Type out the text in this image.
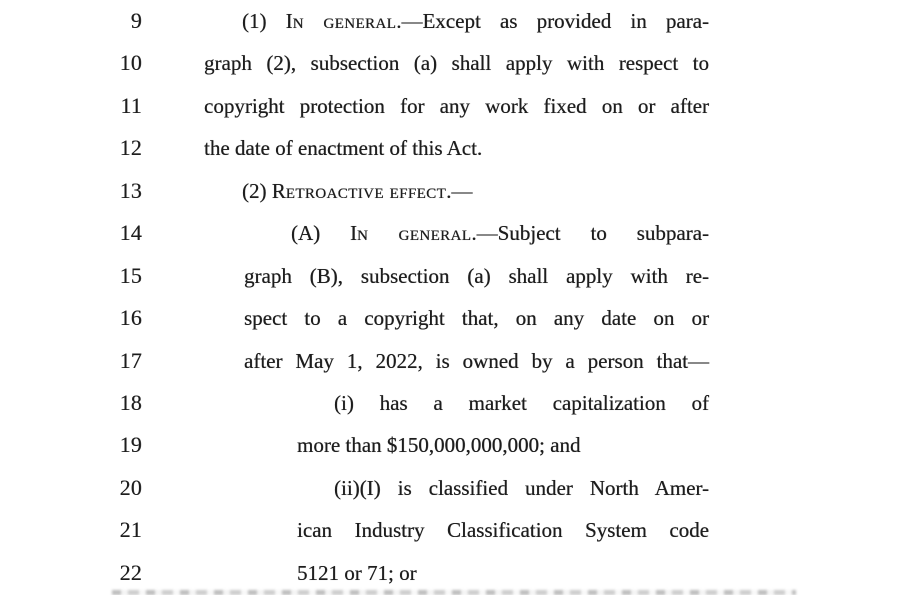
9	(1) In general.—Except as provided in para-
10	graph (2), subsection (a) shall apply with respect to
11	copyright protection for any work fixed on or after
12	the date of enactment of this Act.
13	(2) Retroactive effect.—
14	(A) In general.—Subject to subpara-
15	graph (B), subsection (a) shall apply with re-
16	spect to a copyright that, on any date on or
17	after May 1, 2022, is owned by a person that—
18	(i) has a market capitalization of
19	more than $150,000,000,000; and
20	(ii)(I) is classified under North Amer-
21	ican Industry Classification System code
22	5121 or 71; or
